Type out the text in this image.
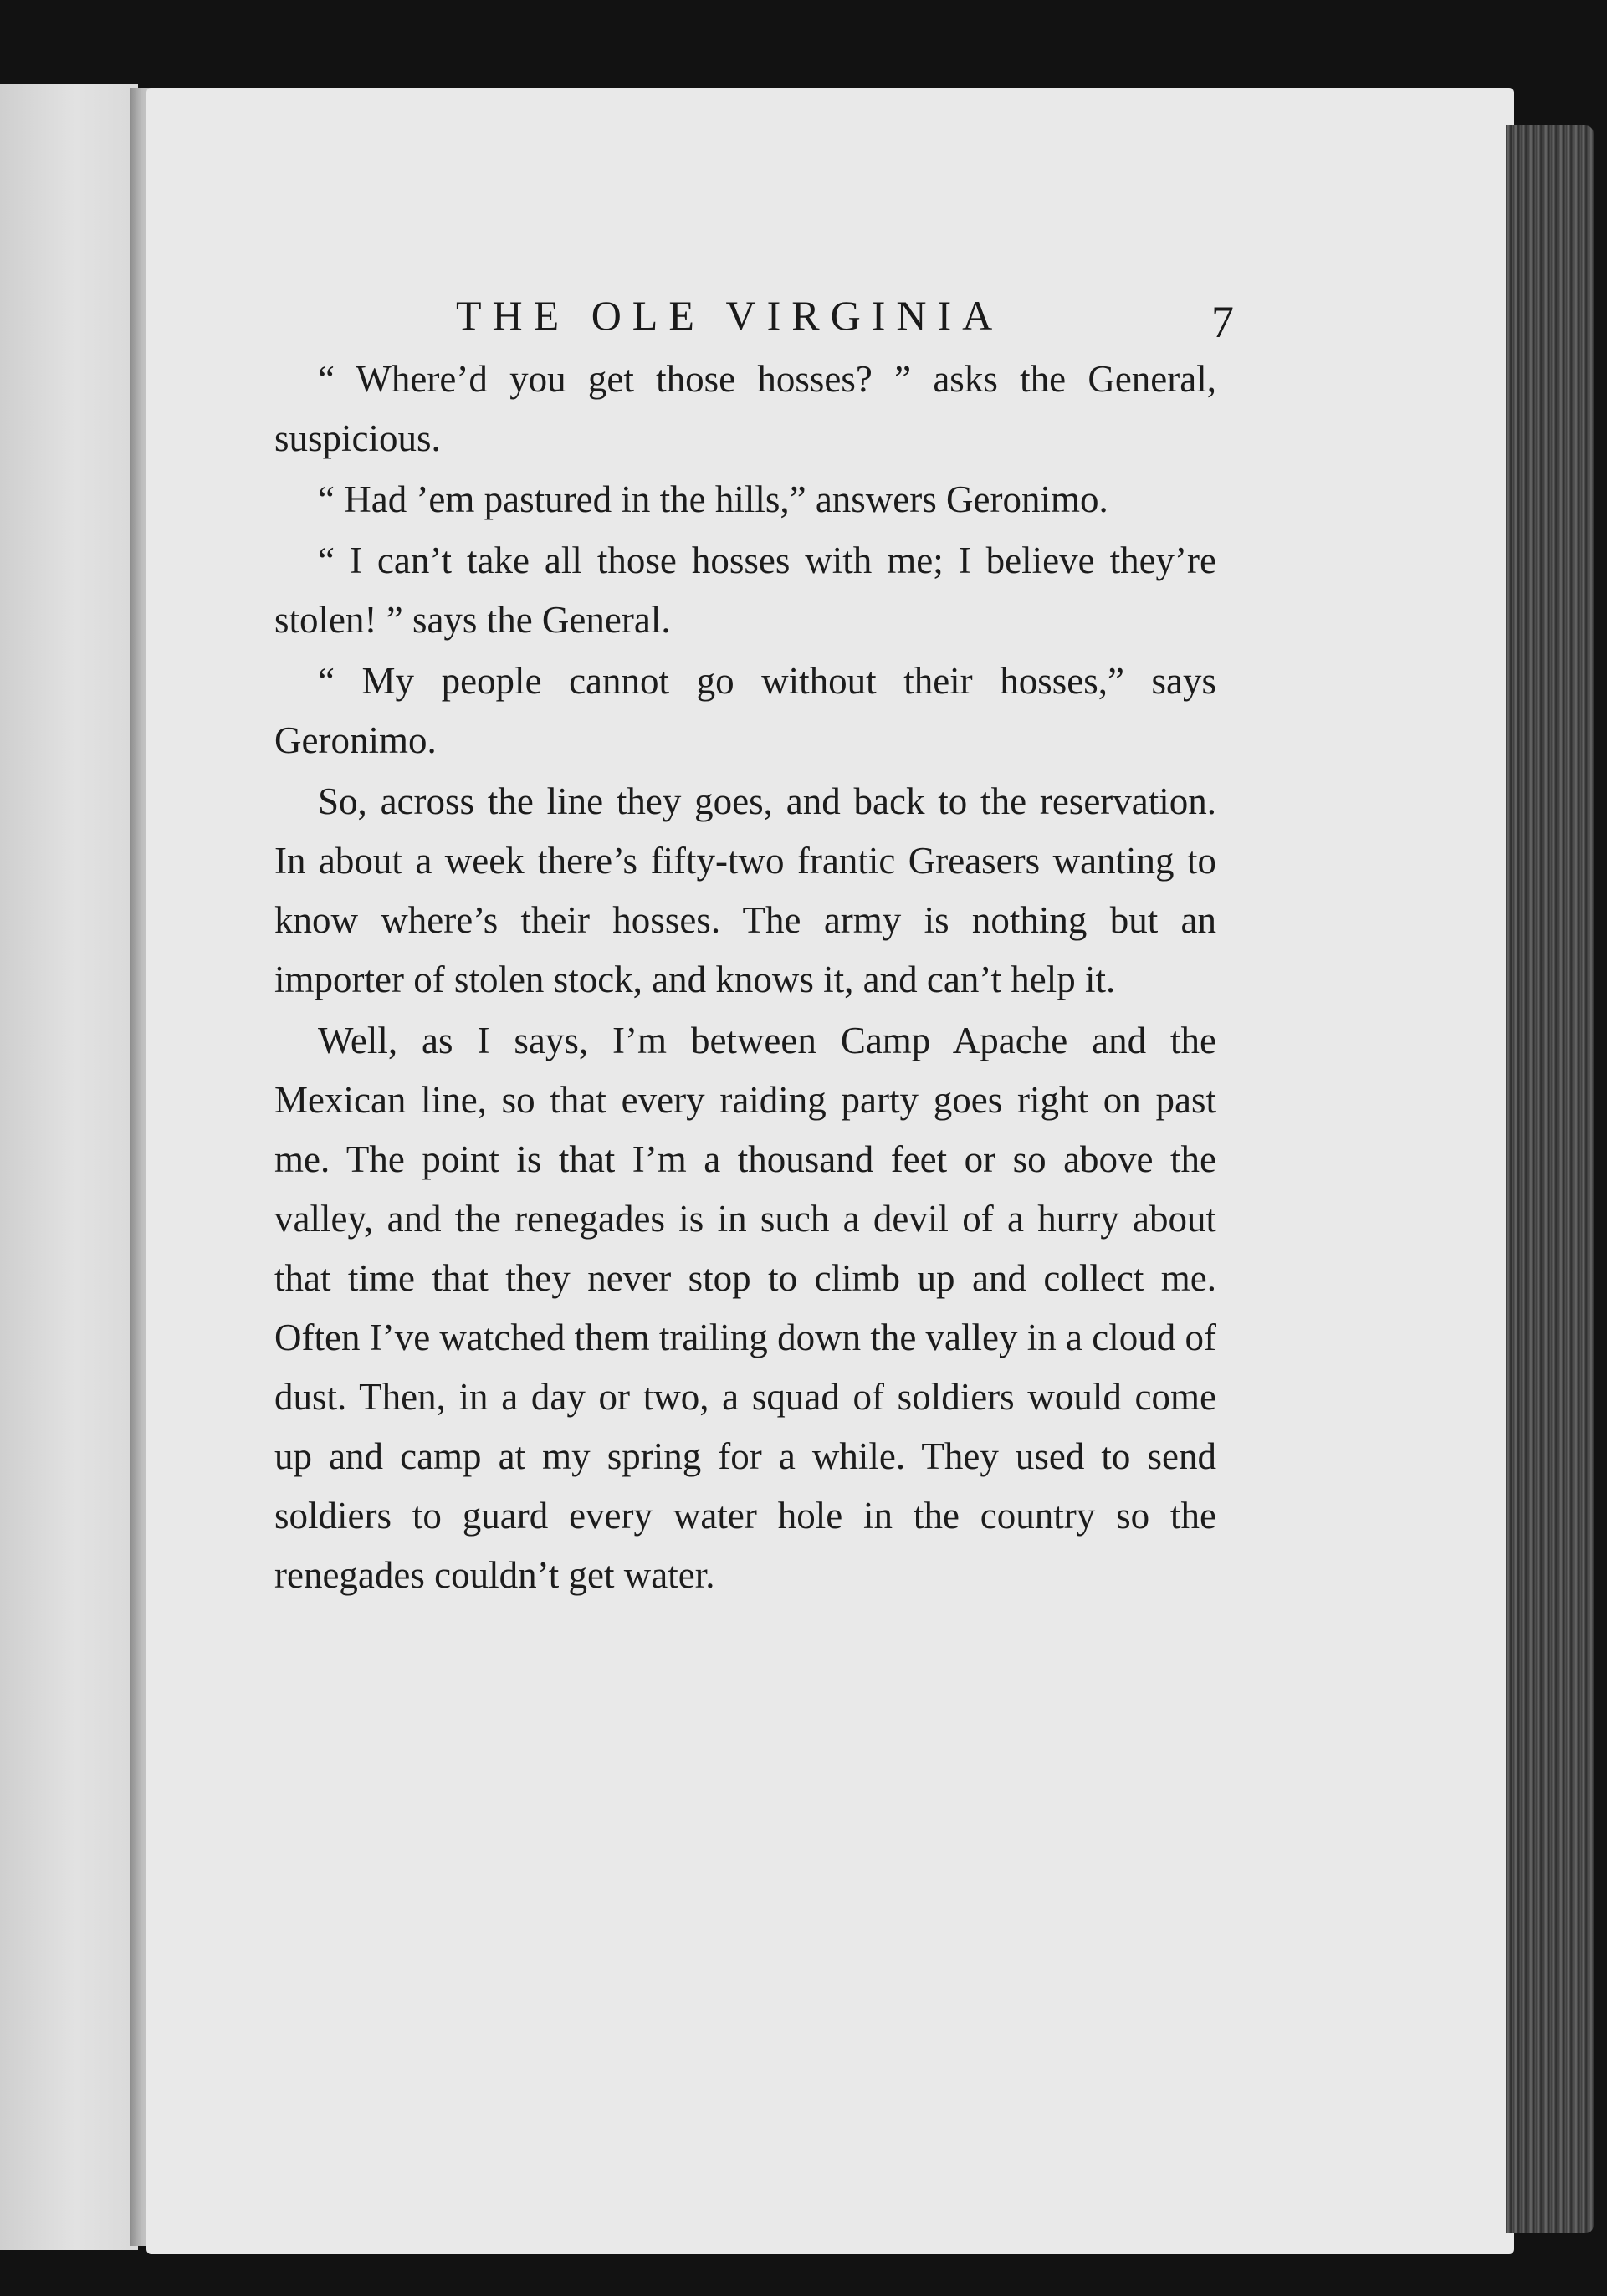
THE OLE VIRGINIA	7

“ Where’d you get those hosses? ” asks the General, suspicious.

“ Had ’em pastured in the hills,” answers Geronimo.

“ I can’t take all those hosses with me; I believe they’re stolen! ” says the General.

“ My people cannot go without their hosses,” says Geronimo.

So, across the line they goes, and back to the reservation. In about a week there’s fifty-two frantic Greasers wanting to know where’s their hosses. The army is nothing but an importer of stolen stock, and knows it, and can’t help it.

Well, as I says, I’m between Camp Apache and the Mexican line, so that every raiding party goes right on past me. The point is that I’m a thousand feet or so above the valley, and the renegades is in such a devil of a hurry about that time that they never stop to climb up and collect me. Often I’ve watched them trailing down the valley in a cloud of dust. Then, in a day or two, a squad of soldiers would come up and camp at my spring for a while. They used to send soldiers to guard every water hole in the country so the renegades couldn’t get water.
